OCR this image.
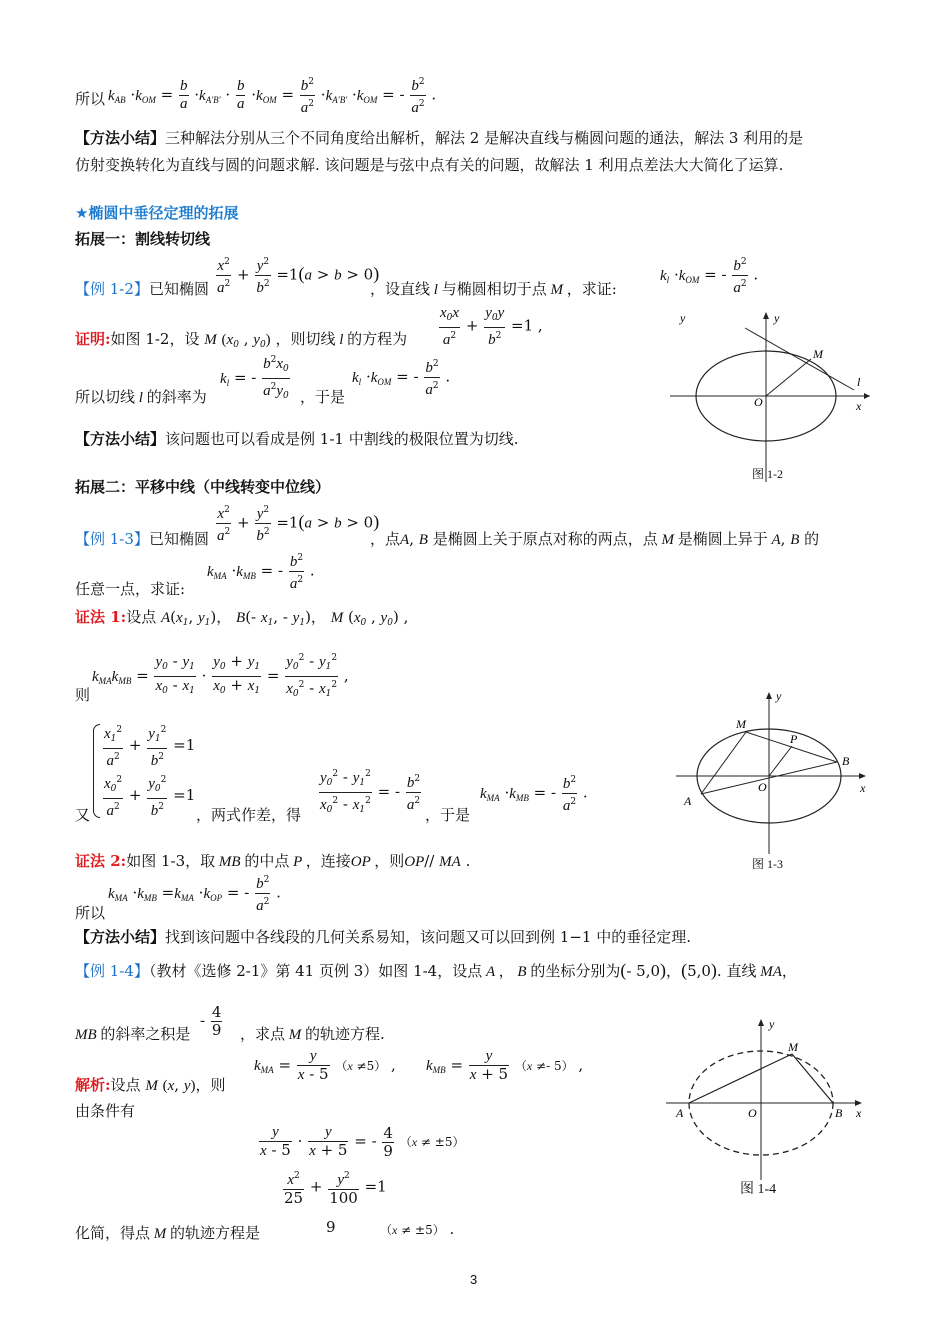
所以 $k_{AB} \cdot k_{OM} = \frac{b}{a} \cdot k_{A'B'} \cdot \frac{b}{a} \cdot k_{OM} = \frac{b^2}{a^2} \cdot k_{A'B'} \cdot k_{OM}$ = - $\frac{b^2}{a^2}$ .
【方法小结】三种解法分别从三个不同角度给出解析，解法 2 是解决直线与椭圆问题的通法，解法 3 利用的是
仿射变换转化为直线与圆的问题求解. 该问题是与弦中点有关的问题，故解法 1 利用点差法大大简化了运算.
★椭圆中垂径定理的拓展
拓展一：割线转切线
【例 1-2】已知椭圆 $\frac{x^2}{a^2} + \frac{y^2}{b^2} =1(a > b > 0)$
，设直线 l 与椭圆相切于点 M ，求证:
$k_l \cdot k_{OM}$ = - $\frac{b^2}{a^2}$ .
证明:如图 1-2，设 M ($x_0$ , $y_0$) ，则切线 l 的方程为 $\frac{x_0x}{a^2} + \frac{y_0y}{b^2} =1$ ,
所以切线 l 的斜率为
$k_l$ = - $\frac{b^2x_0}{a^2y_0}$ ，于是
$k_l \cdot k_{OM}$ = - $\frac{b^2}{a^2}$ .
【方法小结】该问题也可以看成是例 1-1 中割线的极限位置为切线.
y	y
M
O	x
l
图 1-2
拓展二：平移中线（中线转变中位线）
【例 1-3】已知椭圆 $\frac{x^2}{a^2} + \frac{y^2}{b^2} =1(a > b > 0)$
，点A, B 是椭圆上关于原点对称的两点，点 M 是椭圆上异于 A, B 的
任意一点，求证:
$k_{MA} \cdot k_{MB}$ = - $\frac{b^2}{a^2}$ .
证法 1:设点 $A(x_1$, $y_1$)， B(- $x_1$, - $y_1$)， M ($x_0$ , $y_0$) ,
则
$k_{MA}k_{MB} = \frac{y_0 - y_1}{x_0 - x_1} \cdot \frac{y_0 + y_1}{x_0 + x_1} = \frac{y_0^2 - y_1^2}{x_0^2 - x_1^2}$ ,
又
$\frac{x_1^2}{a^2} + \frac{y_1^2}{b^2} =1$
$\frac{x_0^2}{a^2} + \frac{y_0^2}{b^2} =1$
，两式作差，得 $\frac{y_0^2 - y_1^2}{x_0^2 - x_1^2}$ = - $\frac{b^2}{a^2}$
，于是
$k_{MA} \cdot k_{MB}$ = - $\frac{b^2}{a^2}$ .
证法 2:如图 1-3，取 MB 的中点 P ，连接OP ，则OP// MA .
所以
$k_{MA} \cdot k_{MB} =k_{MA} \cdot k_{OP}$ = - $\frac{b^2}{a^2}$ .
【方法小结】找到该问题中各线段的几何关系易知，该问题又可以回到例 1−1 中的垂径定理.
y
M
P
B
O	x
A
图 1-3
【例 1-4】（教材《选修 2-1》第 41 页例 3）如图 1-4，设点 A ， B 的坐标分别为(- 5,0)，(5,0). 直线 MA，
MB 的斜率之积是
- $\frac{4}{9}$ ，求点 M 的轨迹方程.
解析:设点 M (x, y)，则
$k_{MA} = \frac{y}{x - 5} (x \ne 5)$ , $k_{MB} = \frac{y}{x + 5} (x \ne- 5)$ ,
由条件有
$\frac{y}{x - 5} \cdot \frac{y}{x + 5}$ = - $\frac{4}{9} (x \ne \pm 5)$
$\frac{x^2}{25} + \frac{y^2}{100} =1$
化简，得点 M 的轨迹方程是	9	（x ≠ ±5） .
y
M
A	O	B x
图 1-4
3
